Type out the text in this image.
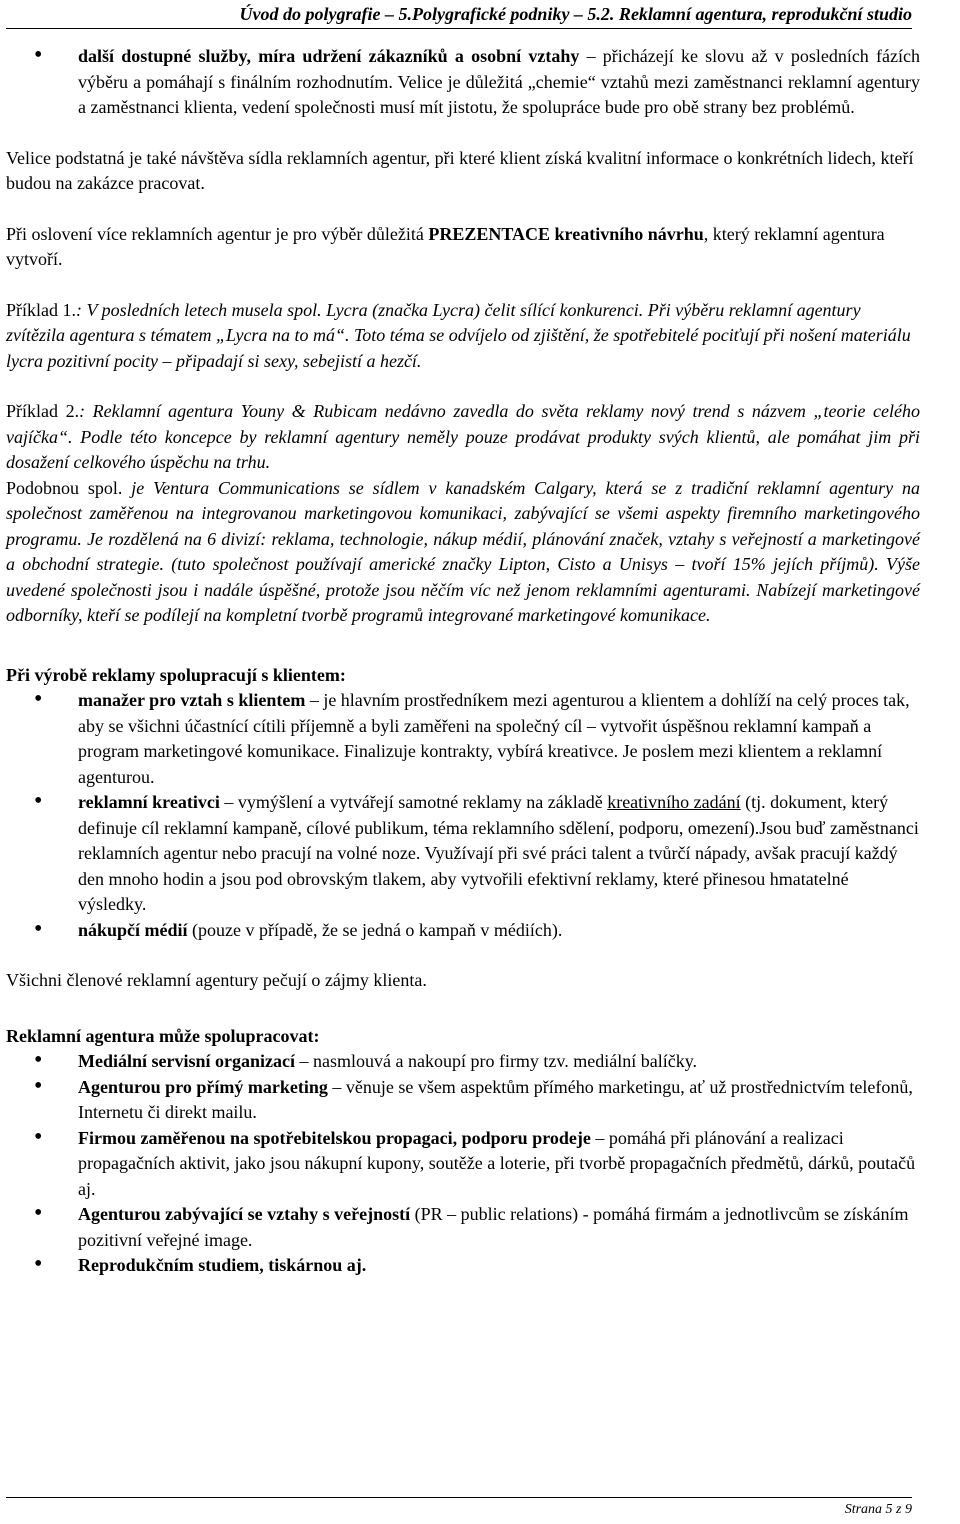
Úvod do polygrafie – 5.Polygrafické podniky – 5.2. Reklamní agentura, reprodukční studio
• další dostupné služby, míra udržení zákazníků a osobní vztahy – přicházejí ke slovu až v posledních fázích výběru a pomáhají s finálním rozhodnutím. Velice je důležitá „chemie“ vztahů mezi zaměstnanci reklamní agentury a zaměstnanci klienta, vedení společnosti musí mít jistotu, že spolupráce bude pro obě strany bez problémů.

Velice podstatná je také návštěva sídla reklamních agentur, při které klient získá kvalitní informace o konkrétních lidech, kteří budou na zakázce pracovat.

Při oslovení více reklamních agentur je pro výběr důležitá PREZENTACE kreativního návrhu, který reklamní agentura vytvoří.

Příklad 1.: V posledních letech musela spol. Lycra (značka Lycra) čelit sílící konkurenci. Při výběru reklamní agentury zvítězila agentura s tématem „Lycra na to má“. Toto téma se odvíjelo od zjištění, že spotřebitelé pociťují při nošení materiálu lycra pozitivní pocity – připadají si sexy, sebejistí a hezčí.

Příklad 2.: Reklamní agentura Youny & Rubicam nedávno zavedla do světa reklamy nový trend s názvem „teorie celého vajíčka“. Podle této koncepce by reklamní agentury neměly pouze prodávat produkty svých klientů, ale pomáhat jim při dosažení celkového úspěchu na trhu.

Podobnou spol. je Ventura Communications se sídlem v kanadském Calgary, která se z tradiční reklamní agentury na společnost zaměřenou na integrovanou marketingovou komunikaci, zabývající se všemi aspekty firemního marketingového programu. Je rozdělená na 6 divizí: reklama, technologie, nákup médií, plánování značek, vztahy s veřejností a marketingové a obchodní strategie. (tuto společnost používají americké značky Lipton, Cisto a Unisys – tvoří 15% jejích příjmů). Výše uvedené společnosti jsou i nadále úspěšné, protože jsou něčím víc než jenom reklamními agenturami. Nabízejí marketingové odborníky, kteří se podílejí na kompletní tvorbě programů integrované marketingové komunikace.

Při výrobě reklamy spolupracují s klientem:

• manažer pro vztah s klientem – je hlavním prostředníkem mezi agenturou a klientem a dohlíží na celý proces tak, aby se všichni účastnící cítili příjemně a byli zaměřeni na společný cíl – vytvořit úspěšnou reklamní kampaň a program marketingové komunikace. Finalizuje kontrakty, vybírá kreativce. Je poslem mezi klientem a reklamní agenturou.
• reklamní kreativci – vymýšlení a vytvářejí samotné reklamy na základě kreativního zadání (tj. dokument, který definuje cíl reklamní kampaně, cílové publikum, téma reklamního sdělení, podporu, omezení).Jsou buď zaměstnanci reklamních agentur nebo pracují na volné noze. Využívají při své práci talent a tvůrčí nápady, avšak pracují každý den mnoho hodin a jsou pod obrovským tlakem, aby vytvořili efektivní reklamy, které přinesou hmatatelné výsledky.
• nákupčí médií (pouze v případě, že se jedná o kampaň v médiích).

Všichni členové reklamní agentury pečují o zájmy klienta.

Reklamní agentura může spolupracovat:

• Mediální servisní organizací – nasmlouvá a nakoupí pro firmy tzv. mediální balíčky.
• Agenturou pro přímý marketing – věnuje se všem aspektům přímého marketingu, ať už prostřednictvím telefonů, Internetu či direkt mailu.
• Firmou zaměřenou na spotřebitelskou propagaci, podporu prodeje – pomáhá při plánování a realizaci propagačních aktivit, jako jsou nákupní kupony, soutěže a loterie, při tvorbě propagačních předmětů, dárků, poutačů aj.
• Agenturou zabývající se vztahy s veřejností (PR – public relations) - pomáhá firmám a jednotlivcům se získáním pozitivní veřejné image.
• Reprodukčním studiem, tiskárnou aj.
Strana 5 z 9
